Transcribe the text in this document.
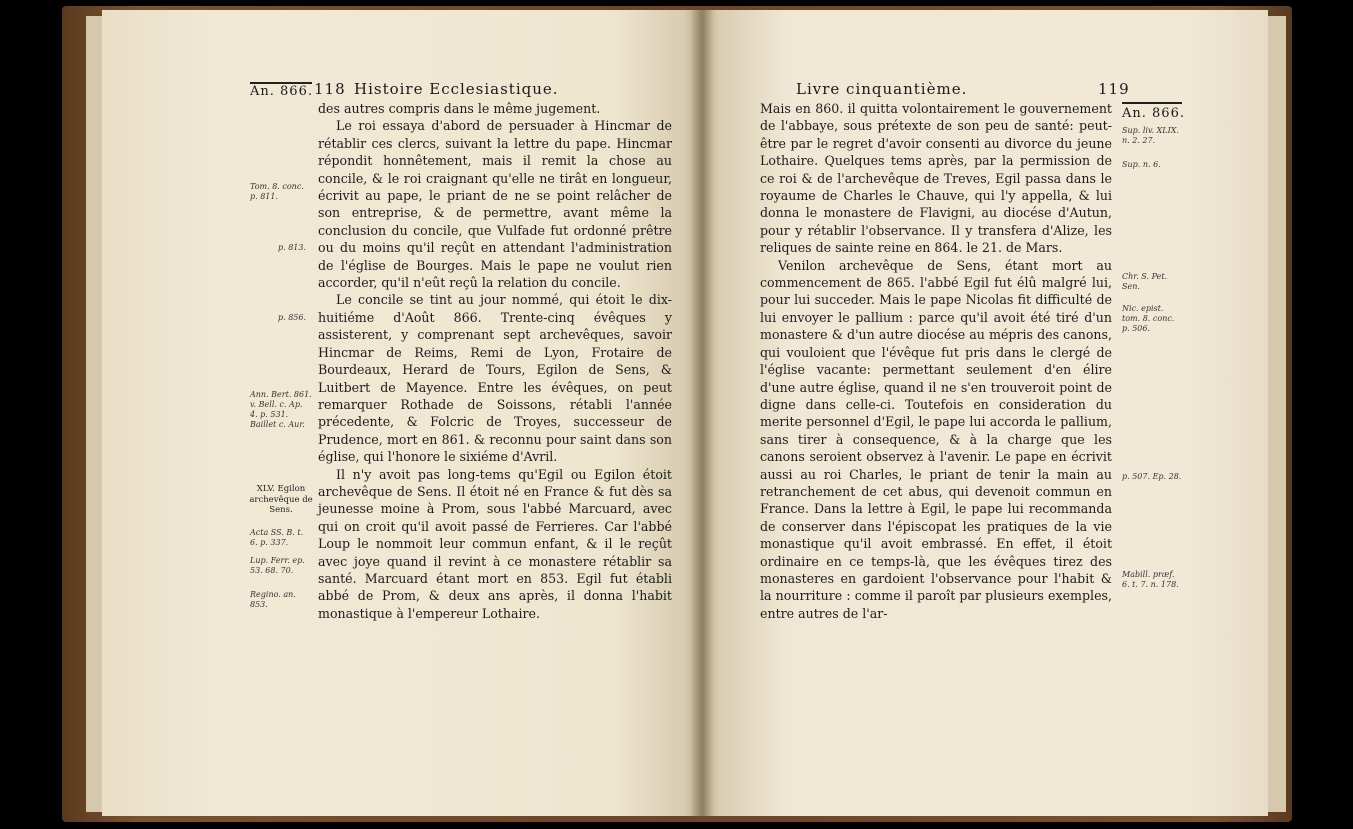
An. 866. 118 Histoire Ecclesiastique.
Tom. 8. conc. p. 811.
p. 813.
p. 856.
Ann. Bert. 861. v. Bell. c. Ap. 4. p. 531. Baillet c. Aur.
XLV. Egilon archevêque de Sens.
Acta SS. B. t. 6. p. 337.
Lup. Ferr. ep. 53. 68. 70.
Regino. an. 853.

des autres compris dans le même jugement.

Le roi essaya d'abord de persuader à Hincmar de rétablir ces clercs, suivant la lettre du pape. Hincmar répondit honnêtement, mais il remit la chose au concile, & le roi craignant qu'elle ne tirât en longueur, écrivit au pape, le priant de ne se point relâcher de son entreprise, & de permettre, avant même la conclusion du concile, que Vulfade fut ordonné prêtre ou du moins qu'il reçût en attendant l'administration de l'église de Bourges. Mais le pape ne voulut rien accorder, qu'il n'eût reçû la relation du concile.

Le concile se tint au jour nommé, qui étoit le dix-huitiéme d'Août 866. Trente-cinq évêques y assisterent, y comprenant sept archevêques, savoir Hincmar de Reims, Remi de Lyon, Frotaire de Bourdeaux, Herard de Tours, Egilon de Sens, & Luitbert de Mayence. Entre les évêques, on peut remarquer Rothade de Soissons, rétabli l'année précedente, & Folcric de Troyes, successeur de Prudence, mort en 861. & reconnu pour saint dans son église, qui l'honore le sixiéme d'Avril.

Il n'y avoit pas long-tems qu'Egil ou Egilon étoit archevêque de Sens. Il étoit né en France & fut dès sa jeunesse moine à Prom, sous l'abbé Marcuard, avec qui on croit qu'il avoit passé de Ferrieres. Car l'abbé Loup le nommoit leur commun enfant, & il le reçût avec joye quand il revint à ce monastere rétablir sa santé. Marcuard étant mort en 853. Egil fut établi abbé de Prom, & deux ans après, il donna l'habit monastique à l'empereur Lothaire.

Livre cinquantième.	119
An. 866.
Sup. liv. XLIX. n. 2. 27.
Sup. n. 6.
Chr. S. Pet. Sen.
Nic. epist. tom. 8. conc. p. 506.
p. 507. Ep. 28.
Mabill. præf. 6. t. 7. n. 178.

Mais en 860. il quitta volontairement le gouvernement de l'abbaye, sous prétexte de son peu de santé: peut-être par le regret d'avoir consenti au divorce du jeune Lothaire. Quelques tems après, par la permission de ce roi & de l'archevêque de Treves, Egil passa dans le royaume de Charles le Chauve, qui l'y appella, & lui donna le monastere de Flavigni, au diocése d'Autun, pour y rétablir l'observance. Il y transfera d'Alize, les reliques de sainte reine en 864. le 21. de Mars.

Venilon archevêque de Sens, étant mort au commencement de 865. l'abbé Egil fut élû malgré lui, pour lui succeder. Mais le pape Nicolas fit difficulté de lui envoyer le pallium : parce qu'il avoit été tiré d'un monastere & d'un autre diocése au mépris des canons, qui vouloient que l'évêque fut pris dans le clergé de l'église vacante: permettant seulement d'en élire d'une autre église, quand il ne s'en trouveroit point de digne dans celle-ci. Toutefois en consideration du merite personnel d'Egil, le pape lui accorda le pallium, sans tirer à consequence, & à la charge que les canons seroient observez à l'avenir. Le pape en écrivit aussi au roi Charles, le priant de tenir la main au retranchement de cet abus, qui devenoit commun en France. Dans la lettre à Egil, le pape lui recommanda de conserver dans l'épiscopat les pratiques de la vie monastique qu'il avoit embrassé. En effet, il étoit ordinaire en ce temps-là, que les évêques tirez des monasteres en gardoient l'observance pour l'habit & la nourriture : comme il paroît par plusieurs exemples, entre autres de l'ar-
